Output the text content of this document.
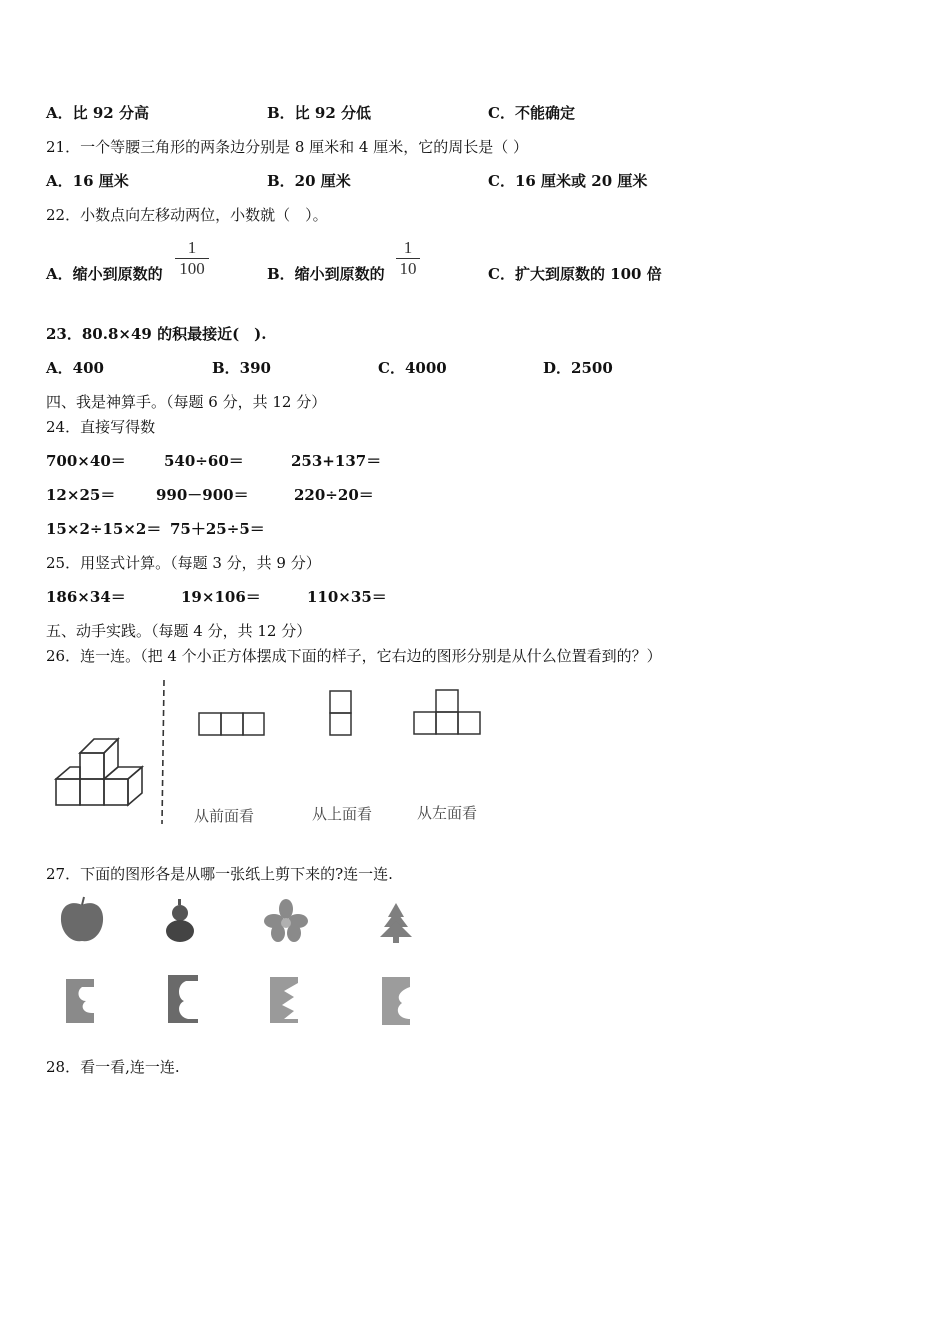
A．比 92 分高	B．比 92 分低	C．不能确定
21．一个等腰三角形的两条边分别是 8 厘米和 4 厘米，它的周长是（ ）
A．16 厘米	B．20 厘米	C．16 厘米或 20 厘米
22．小数点向左移动两位，小数就（　）。
A．缩小到原数的
1
100	B．缩小到原数的
1
10	C．扩大到原数的 100 倍
23．80.8×49 的积最接近(　).
A．400	B．390	C．4000	D．2500
四、我是神算手。（每题 6 分，共 12 分）
24．直接写得数
700×40＝	540÷60＝	253+137＝
12×25＝	990－900＝	220÷20＝
15×2÷15×2＝ 75＋25÷5＝
25．用竖式计算。（每题 3 分，共 9 分）
186×34＝	19×106＝	110×35＝
五、动手实践。（每题 4 分，共 12 分）
26．连一连。（把 4 个小正方体摆成下面的样子，它右边的图形分别是从什么位置看到的？）
从前面看	从上面看	从左面看
27．下面的图形各是从哪一张纸上剪下来的?连一连.
28．看一看,连一连.
